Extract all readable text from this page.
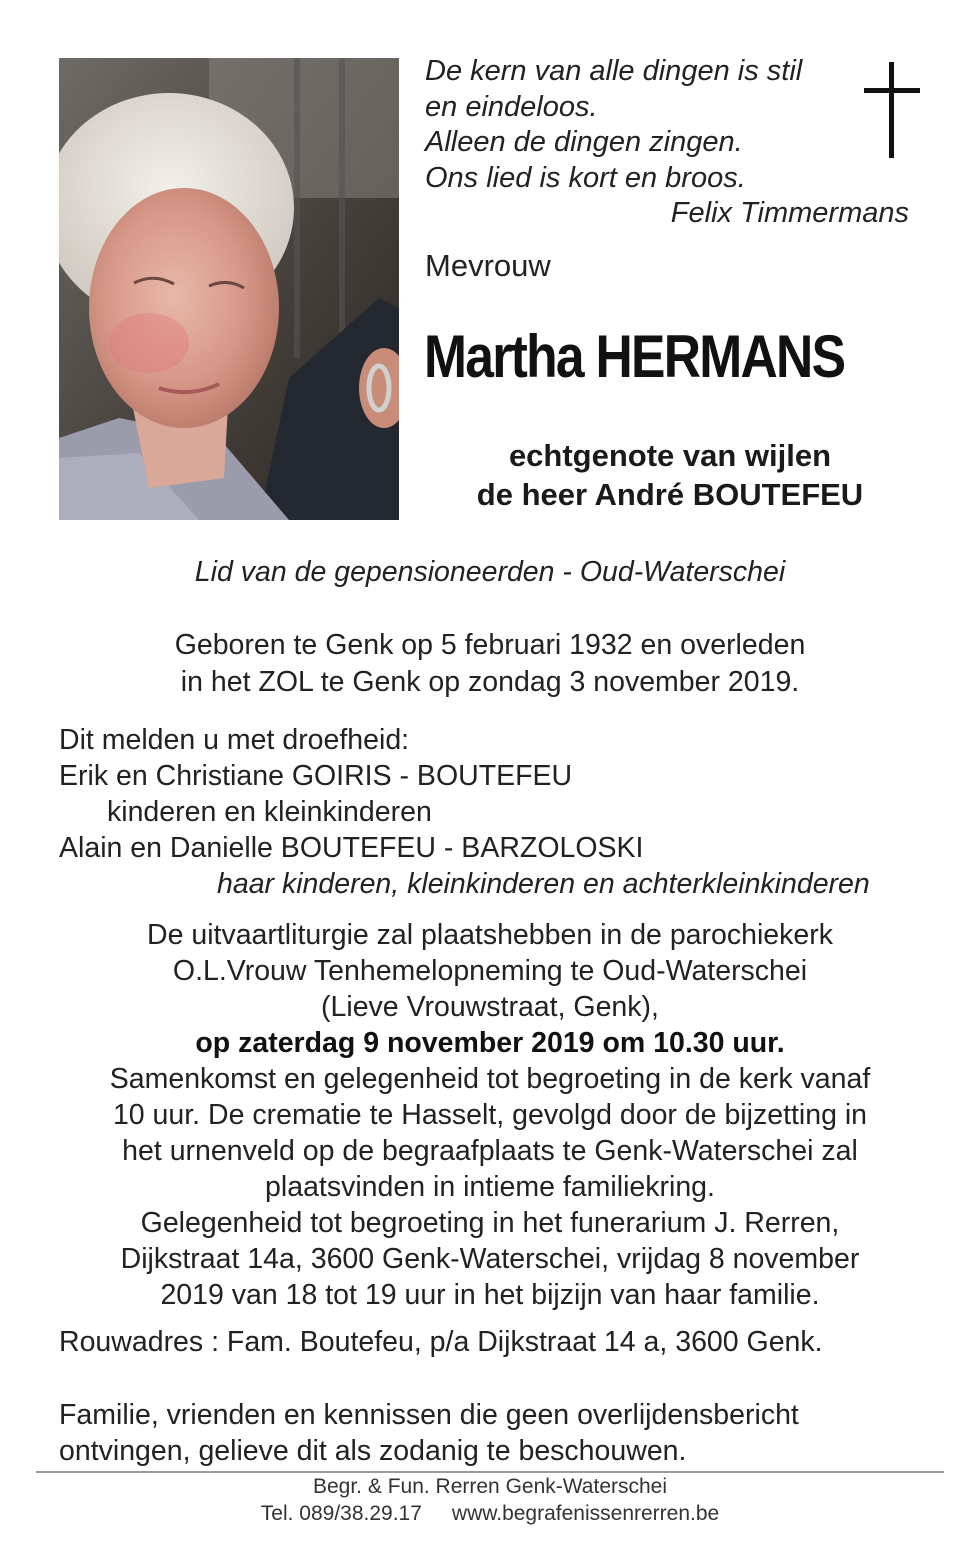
De kern van alle dingen is stil
en eindeloos.
Alleen de dingen zingen.
Ons lied is kort en broos.
Felix Timmermans
Mevrouw
Martha HERMANS
echtgenote van wijlen
de heer André BOUTEFEU
Lid van de gepensioneerden - Oud-Waterschei
Geboren te Genk op 5 februari 1932 en overleden
in het ZOL te Genk op zondag 3 november 2019.
Dit melden u met droefheid:
Erik en Christiane GOIRIS - BOUTEFEU
kinderen en kleinkinderen
Alain en Danielle BOUTEFEU - BARZOLOSKI
haar kinderen, kleinkinderen en achterkleinkinderen
De uitvaartliturgie zal plaatshebben in de parochiekerk
O.L.Vrouw Tenhemelopneming te Oud-Waterschei
(Lieve Vrouwstraat, Genk),
op zaterdag 9 november 2019 om 10.30 uur.
Samenkomst en gelegenheid tot begroeting in de kerk vanaf
10 uur. De crematie te Hasselt, gevolgd door de bijzetting in
het urnenveld op de begraafplaats te Genk-Waterschei zal
plaatsvinden in intieme familiekring.
Gelegenheid tot begroeting in het funerarium J. Rerren,
Dijkstraat 14a, 3600 Genk-Waterschei, vrijdag 8 november
2019 van 18 tot 19 uur in het bijzijn van haar familie.
Rouwadres : Fam. Boutefeu, p/a Dijkstraat 14 a, 3600 Genk.
Familie, vrienden en kennissen die geen overlijdensbericht
ontvingen, gelieve dit als zodanig te beschouwen.
Begr. & Fun. Rerren Genk-Waterschei
Tel. 089/38.29.17 www.begrafenissenrerren.be
